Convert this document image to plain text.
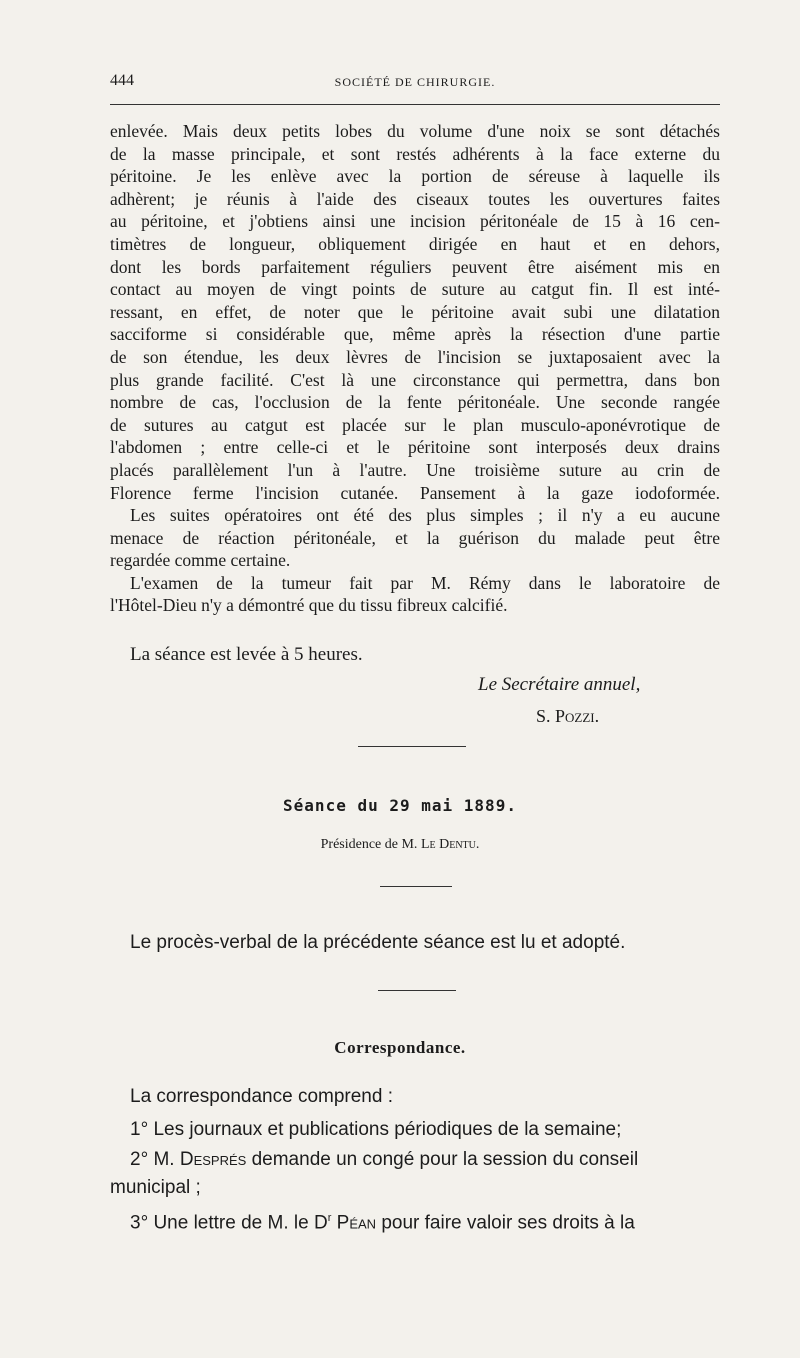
444	SOCIÉTÉ DE CHIRURGIE.
enlevée. Mais deux petits lobes du volume d'une noix se sont détachés
de la masse principale, et sont restés adhérents à la face externe du
péritoine. Je les enlève avec la portion de séreuse à laquelle ils
adhèrent; je réunis à l'aide des ciseaux toutes les ouvertures faites
au péritoine, et j'obtiens ainsi une incision péritonéale de 15 à 16 cen-
timètres de longueur, obliquement dirigée en haut et en dehors,
dont les bords parfaitement réguliers peuvent être aisément mis en
contact au moyen de vingt points de suture au catgut fin. Il est inté-
ressant, en effet, de noter que le péritoine avait subi une dilatation
sacciforme si considérable que, même après la résection d'une partie
de son étendue, les deux lèvres de l'incision se juxtaposaient avec la
plus grande facilité. C'est là une circonstance qui permettra, dans bon
nombre de cas, l'occlusion de la fente péritonéale. Une seconde rangée
de sutures au catgut est placée sur le plan musculo-aponévrotique de
l'abdomen ; entre celle-ci et le péritoine sont interposés deux drains
placés parallèlement l'un à l'autre. Une troisième suture au crin de
Florence ferme l'incision cutanée. Pansement à la gaze iodoformée.
Les suites opératoires ont été des plus simples ; il n'y a eu aucune
menace de réaction péritonéale, et la guérison du malade peut être
regardée comme certaine.
L'examen de la tumeur fait par M. Rémy dans le laboratoire de
l'Hôtel-Dieu n'y a démontré que du tissu fibreux calcifié.
La séance est levée à 5 heures.
Le Secrétaire annuel,
S. Pozzi.
Séance du 29 mai 1889.
Présidence de M. Le Dentu.
Le procès-verbal de la précédente séance est lu et adopté.
Correspondance.
La correspondance comprend :
1° Les journaux et publications périodiques de la semaine;
2° M. Després demande un congé pour la session du conseil
municipal ;
3° Une lettre de M. le $D^r$ Péan pour faire valoir ses droits à la
